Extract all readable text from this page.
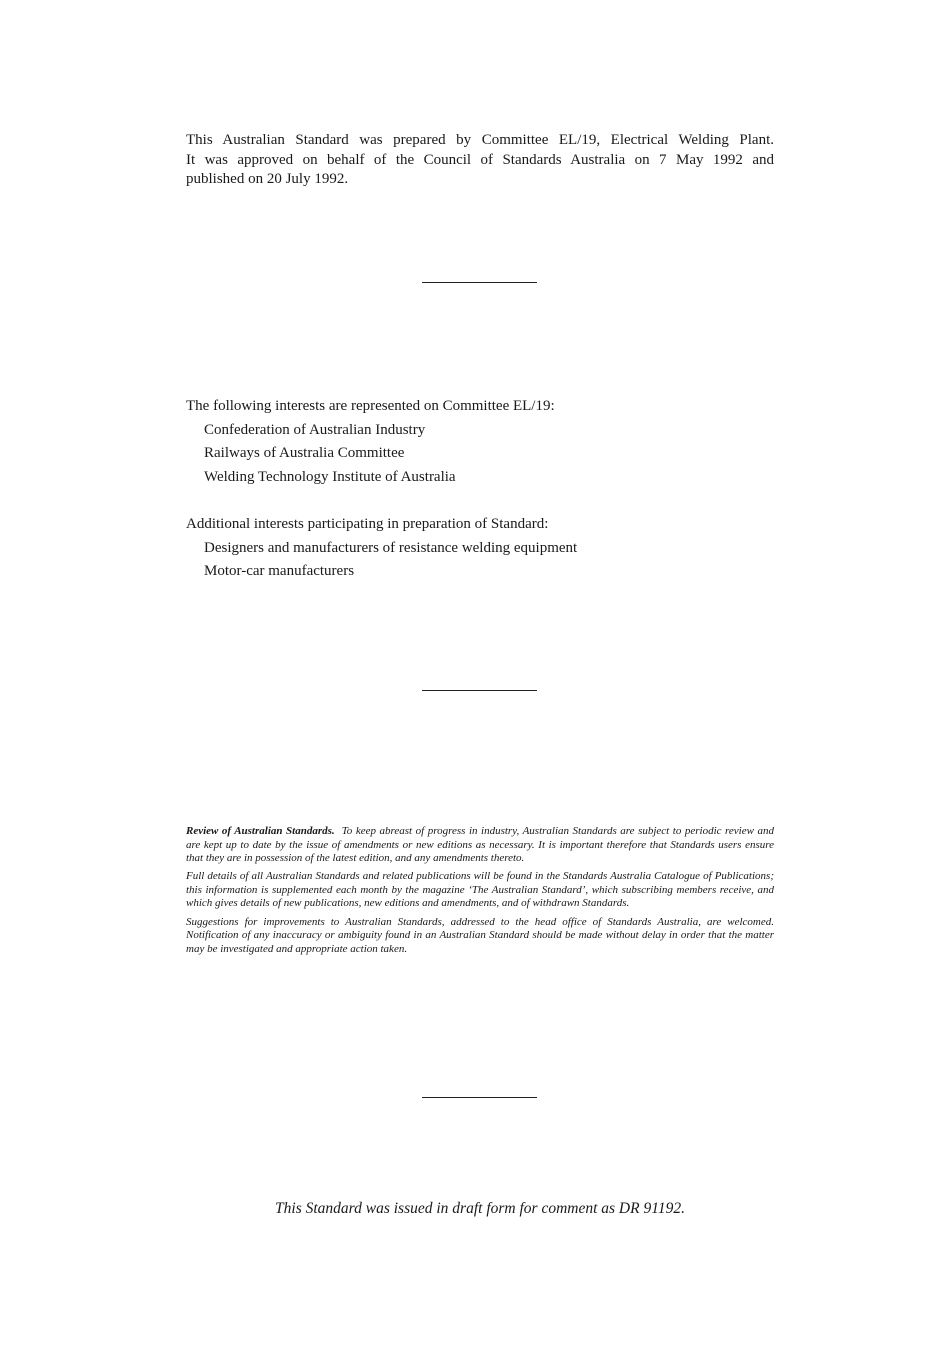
This Australian Standard was prepared by Committee EL/19, Electrical Welding Plant.
It was approved on behalf of the Council of Standards Australia on 7 May 1992 and
published on 20 July 1992.
The following interests are represented on Committee EL/19:
Confederation of Australian Industry
Railways of Australia Committee
Welding Technology Institute of Australia
Additional interests participating in preparation of Standard:
Designers and manufacturers of resistance welding equipment
Motor-car manufacturers

Review of Australian Standards. To keep abreast of progress in industry, Australian Standards are subject to periodic review and are kept up to date by the issue of amendments or new editions as necessary. It is important therefore that Standards users ensure that they are in possession of the latest edition, and any amendments thereto.

Full details of all Australian Standards and related publications will be found in the Standards Australia Catalogue of Publications; this information is supplemented each month by the magazine ‘The Australian Standard’, which subscribing members receive, and which gives details of new publications, new editions and amendments, and of withdrawn Standards.

Suggestions for improvements to Australian Standards, addressed to the head office of Standards Australia, are welcomed. Notification of any inaccuracy or ambiguity found in an Australian Standard should be made without delay in order that the matter may be investigated and appropriate action taken.

This Standard was issued in draft form for comment as DR 91192.
